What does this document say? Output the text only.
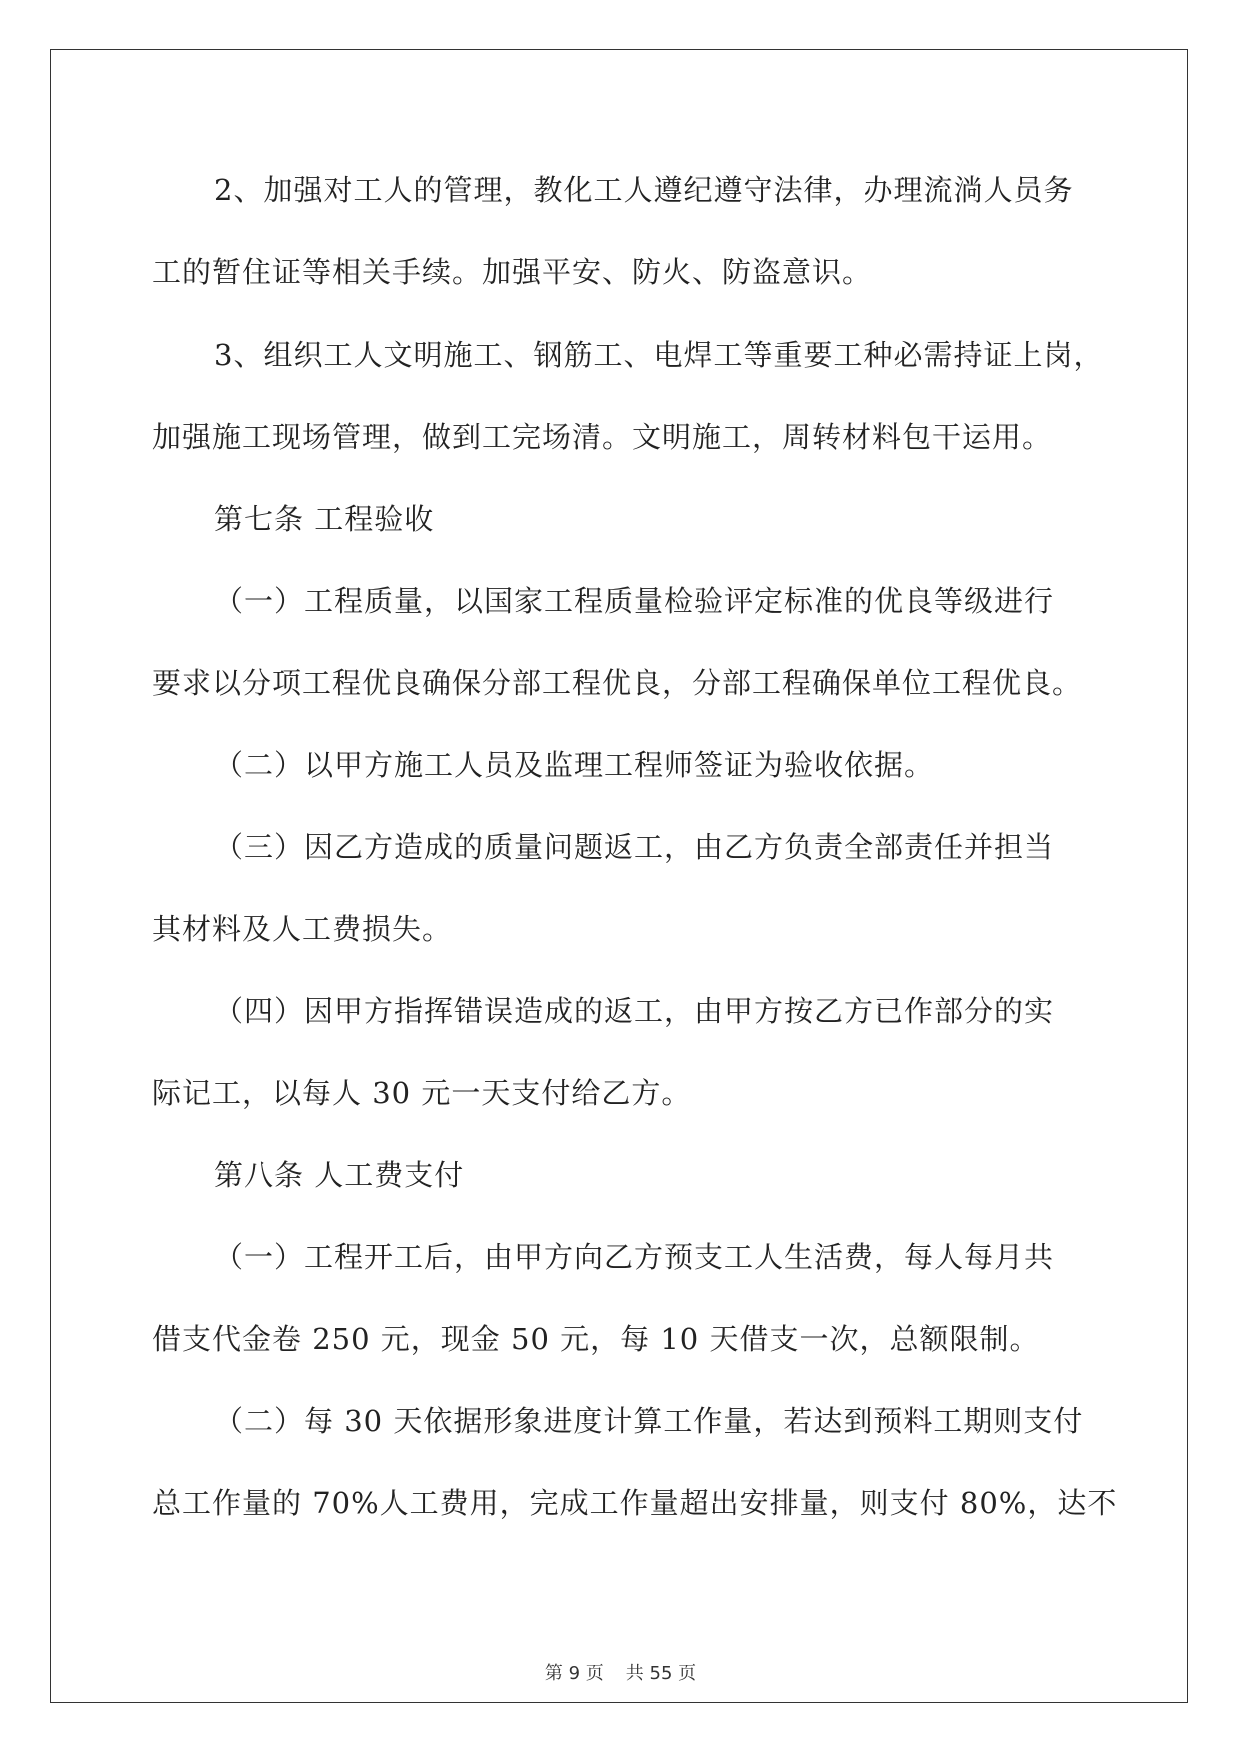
2、加强对工人的管理，教化工人遵纪遵守法律，办理流淌人员务
工的暂住证等相关手续。加强平安、防火、防盗意识。
3、组织工人文明施工、钢筋工、电焊工等重要工种必需持证上岗，
加强施工现场管理，做到工完场清。文明施工，周转材料包干运用。
第七条 工程验收
（一）工程质量，以国家工程质量检验评定标准的优良等级进行
要求以分项工程优良确保分部工程优良，分部工程确保单位工程优良。
（二）以甲方施工人员及监理工程师签证为验收依据。
（三）因乙方造成的质量问题返工，由乙方负责全部责任并担当
其材料及人工费损失。
（四）因甲方指挥错误造成的返工，由甲方按乙方已作部分的实
际记工，以每人 30 元一天支付给乙方。
第八条 人工费支付
（一）工程开工后，由甲方向乙方预支工人生活费，每人每月共
借支代金卷 250 元，现金 50 元，每 10 天借支一次，总额限制。
（二）每 30 天依据形象进度计算工作量，若达到预料工期则支付
总工作量的 70%人工费用，完成工作量超出安排量，则支付 80%，达不
第 9 页 共 55 页
